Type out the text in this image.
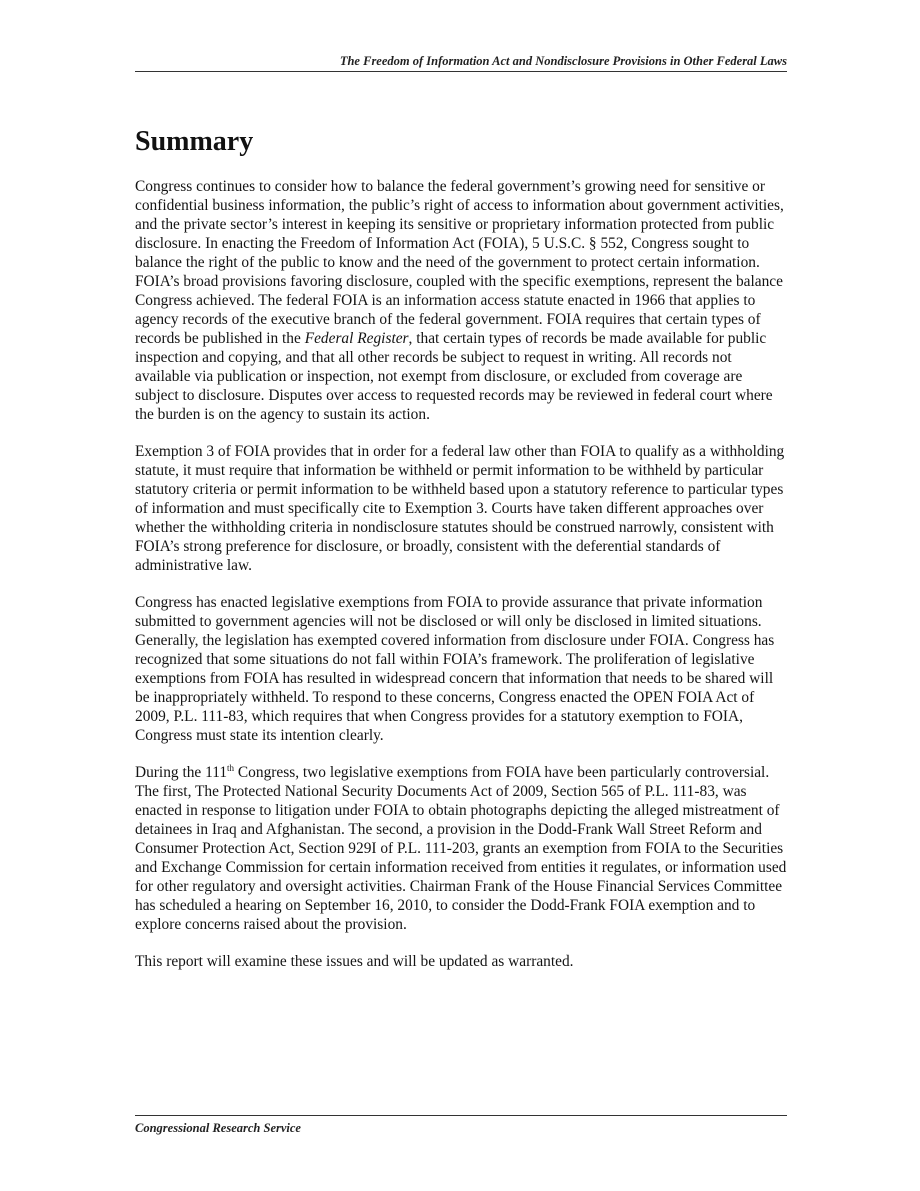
The Freedom of Information Act and Nondisclosure Provisions in Other Federal Laws
Summary

Congress continues to consider how to balance the federal government’s growing need for sensitive or confidential business information, the public’s right of access to information about government activities, and the private sector’s interest in keeping its sensitive or proprietary information protected from public disclosure. In enacting the Freedom of Information Act (FOIA), 5 U.S.C. § 552, Congress sought to balance the right of the public to know and the need of the government to protect certain information. FOIA’s broad provisions favoring disclosure, coupled with the specific exemptions, represent the balance Congress achieved. The federal FOIA is an information access statute enacted in 1966 that applies to agency records of the executive branch of the federal government. FOIA requires that certain types of records be published in the Federal Register, that certain types of records be made available for public inspection and copying, and that all other records be subject to request in writing. All records not available via publication or inspection, not exempt from disclosure, or excluded from coverage are subject to disclosure. Disputes over access to requested records may be reviewed in federal court where the burden is on the agency to sustain its action.

Exemption 3 of FOIA provides that in order for a federal law other than FOIA to qualify as a withholding statute, it must require that information be withheld or permit information to be withheld by particular statutory criteria or permit information to be withheld based upon a statutory reference to particular types of information and must specifically cite to Exemption 3. Courts have taken different approaches over whether the withholding criteria in nondisclosure statutes should be construed narrowly, consistent with FOIA’s strong preference for disclosure, or broadly, consistent with the deferential standards of administrative law.

Congress has enacted legislative exemptions from FOIA to provide assurance that private information submitted to government agencies will not be disclosed or will only be disclosed in limited situations. Generally, the legislation has exempted covered information from disclosure under FOIA. Congress has recognized that some situations do not fall within FOIA’s framework. The proliferation of legislative exemptions from FOIA has resulted in widespread concern that information that needs to be shared will be inappropriately withheld. To respond to these concerns, Congress enacted the OPEN FOIA Act of 2009, P.L. 111-83, which requires that when Congress provides for a statutory exemption to FOIA, Congress must state its intention clearly.

During the 111th Congress, two legislative exemptions from FOIA have been particularly controversial. The first, The Protected National Security Documents Act of 2009, Section 565 of P.L. 111-83, was enacted in response to litigation under FOIA to obtain photographs depicting the alleged mistreatment of detainees in Iraq and Afghanistan. The second, a provision in the Dodd-Frank Wall Street Reform and Consumer Protection Act, Section 929I of P.L. 111-203, grants an exemption from FOIA to the Securities and Exchange Commission for certain information received from entities it regulates, or information used for other regulatory and oversight activities. Chairman Frank of the House Financial Services Committee has scheduled a hearing on September 16, 2010, to consider the Dodd-Frank FOIA exemption and to explore concerns raised about the provision.

This report will examine these issues and will be updated as warranted.

Congressional Research Service
